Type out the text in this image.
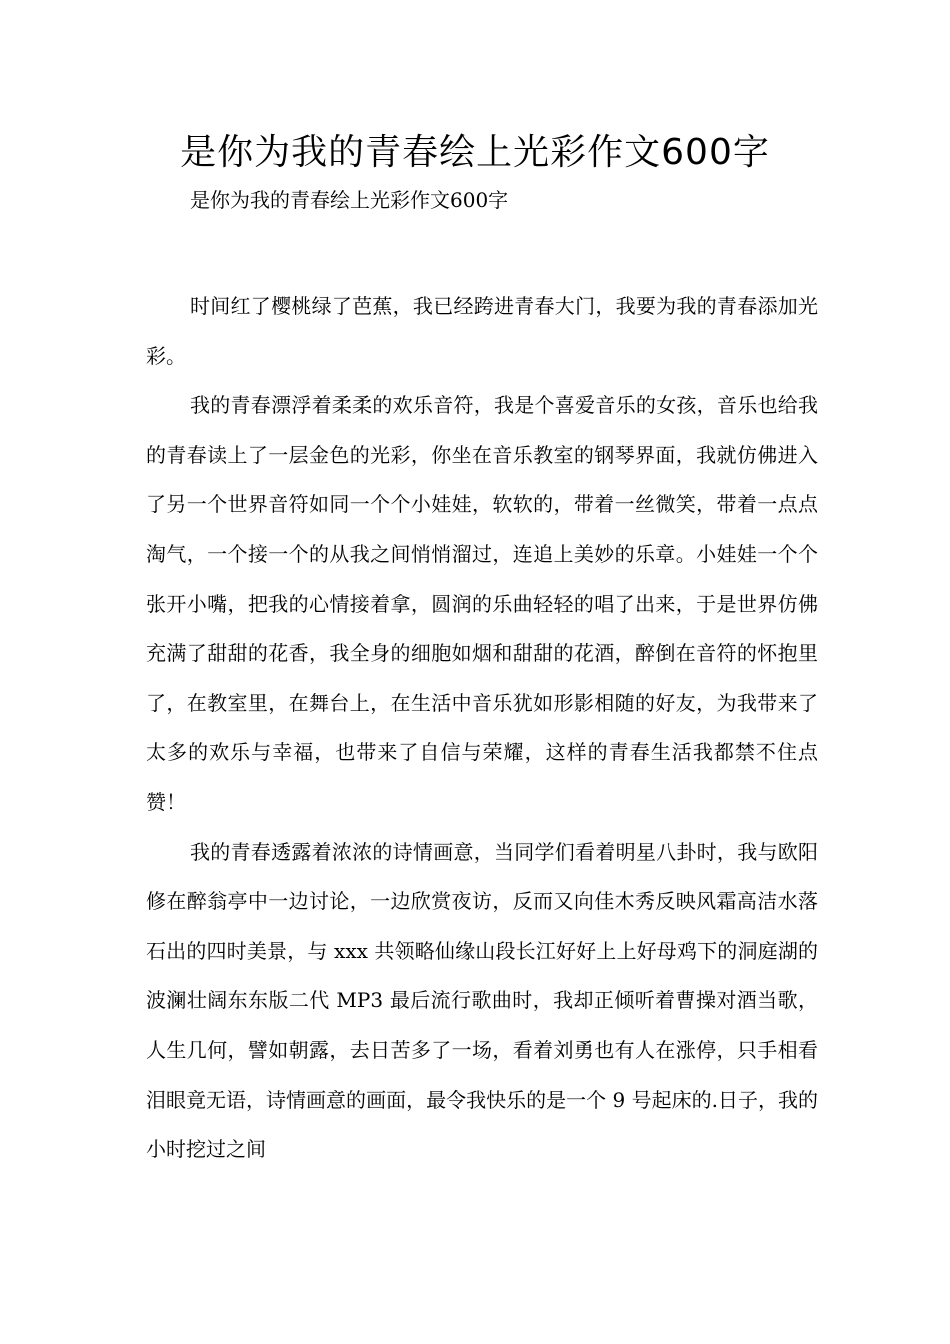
是你为我的青春绘上光彩作文600字
是你为我的青春绘上光彩作文600字

时间红了樱桃绿了芭蕉，我已经跨进青春大门，我要为我的青春添加光彩。

我的青春漂浮着柔柔的欢乐音符，我是个喜爱音乐的女孩，音乐也给我的青春读上了一层金色的光彩，你坐在音乐教室的钢琴界面，我就仿佛进入了另一个世界音符如同一个个小娃娃，软软的，带着一丝微笑，带着一点点淘气，一个接一个的从我之间悄悄溜过，连追上美妙的乐章。小娃娃一个个张开小嘴，把我的心情接着拿，圆润的乐曲轻轻的唱了出来，于是世界仿佛充满了甜甜的花香，我全身的细胞如烟和甜甜的花酒，醉倒在音符的怀抱里了，在教室里，在舞台上，在生活中音乐犹如形影相随的好友，为我带来了太多的欢乐与幸福，也带来了自信与荣耀，这样的青春生活我都禁不住点赞！

我的青春透露着浓浓的诗情画意，当同学们看着明星八卦时，我与欧阳修在醉翁亭中一边讨论，一边欣赏夜访，反而又向佳木秀反映风霜高洁水落石出的四时美景，与 xxx 共领略仙缘山段长江好好上上好母鸡下的洞庭湖的波澜壮阔东东版二代 MP3 最后流行歌曲时，我却正倾听着曹操对酒当歌，人生几何，譬如朝露，去日苦多了一场，看着刘勇也有人在涨停，只手相看泪眼竟无语，诗情画意的画面，最令我快乐的是一个 9 号起床的.日子，我的小时挖过之间
